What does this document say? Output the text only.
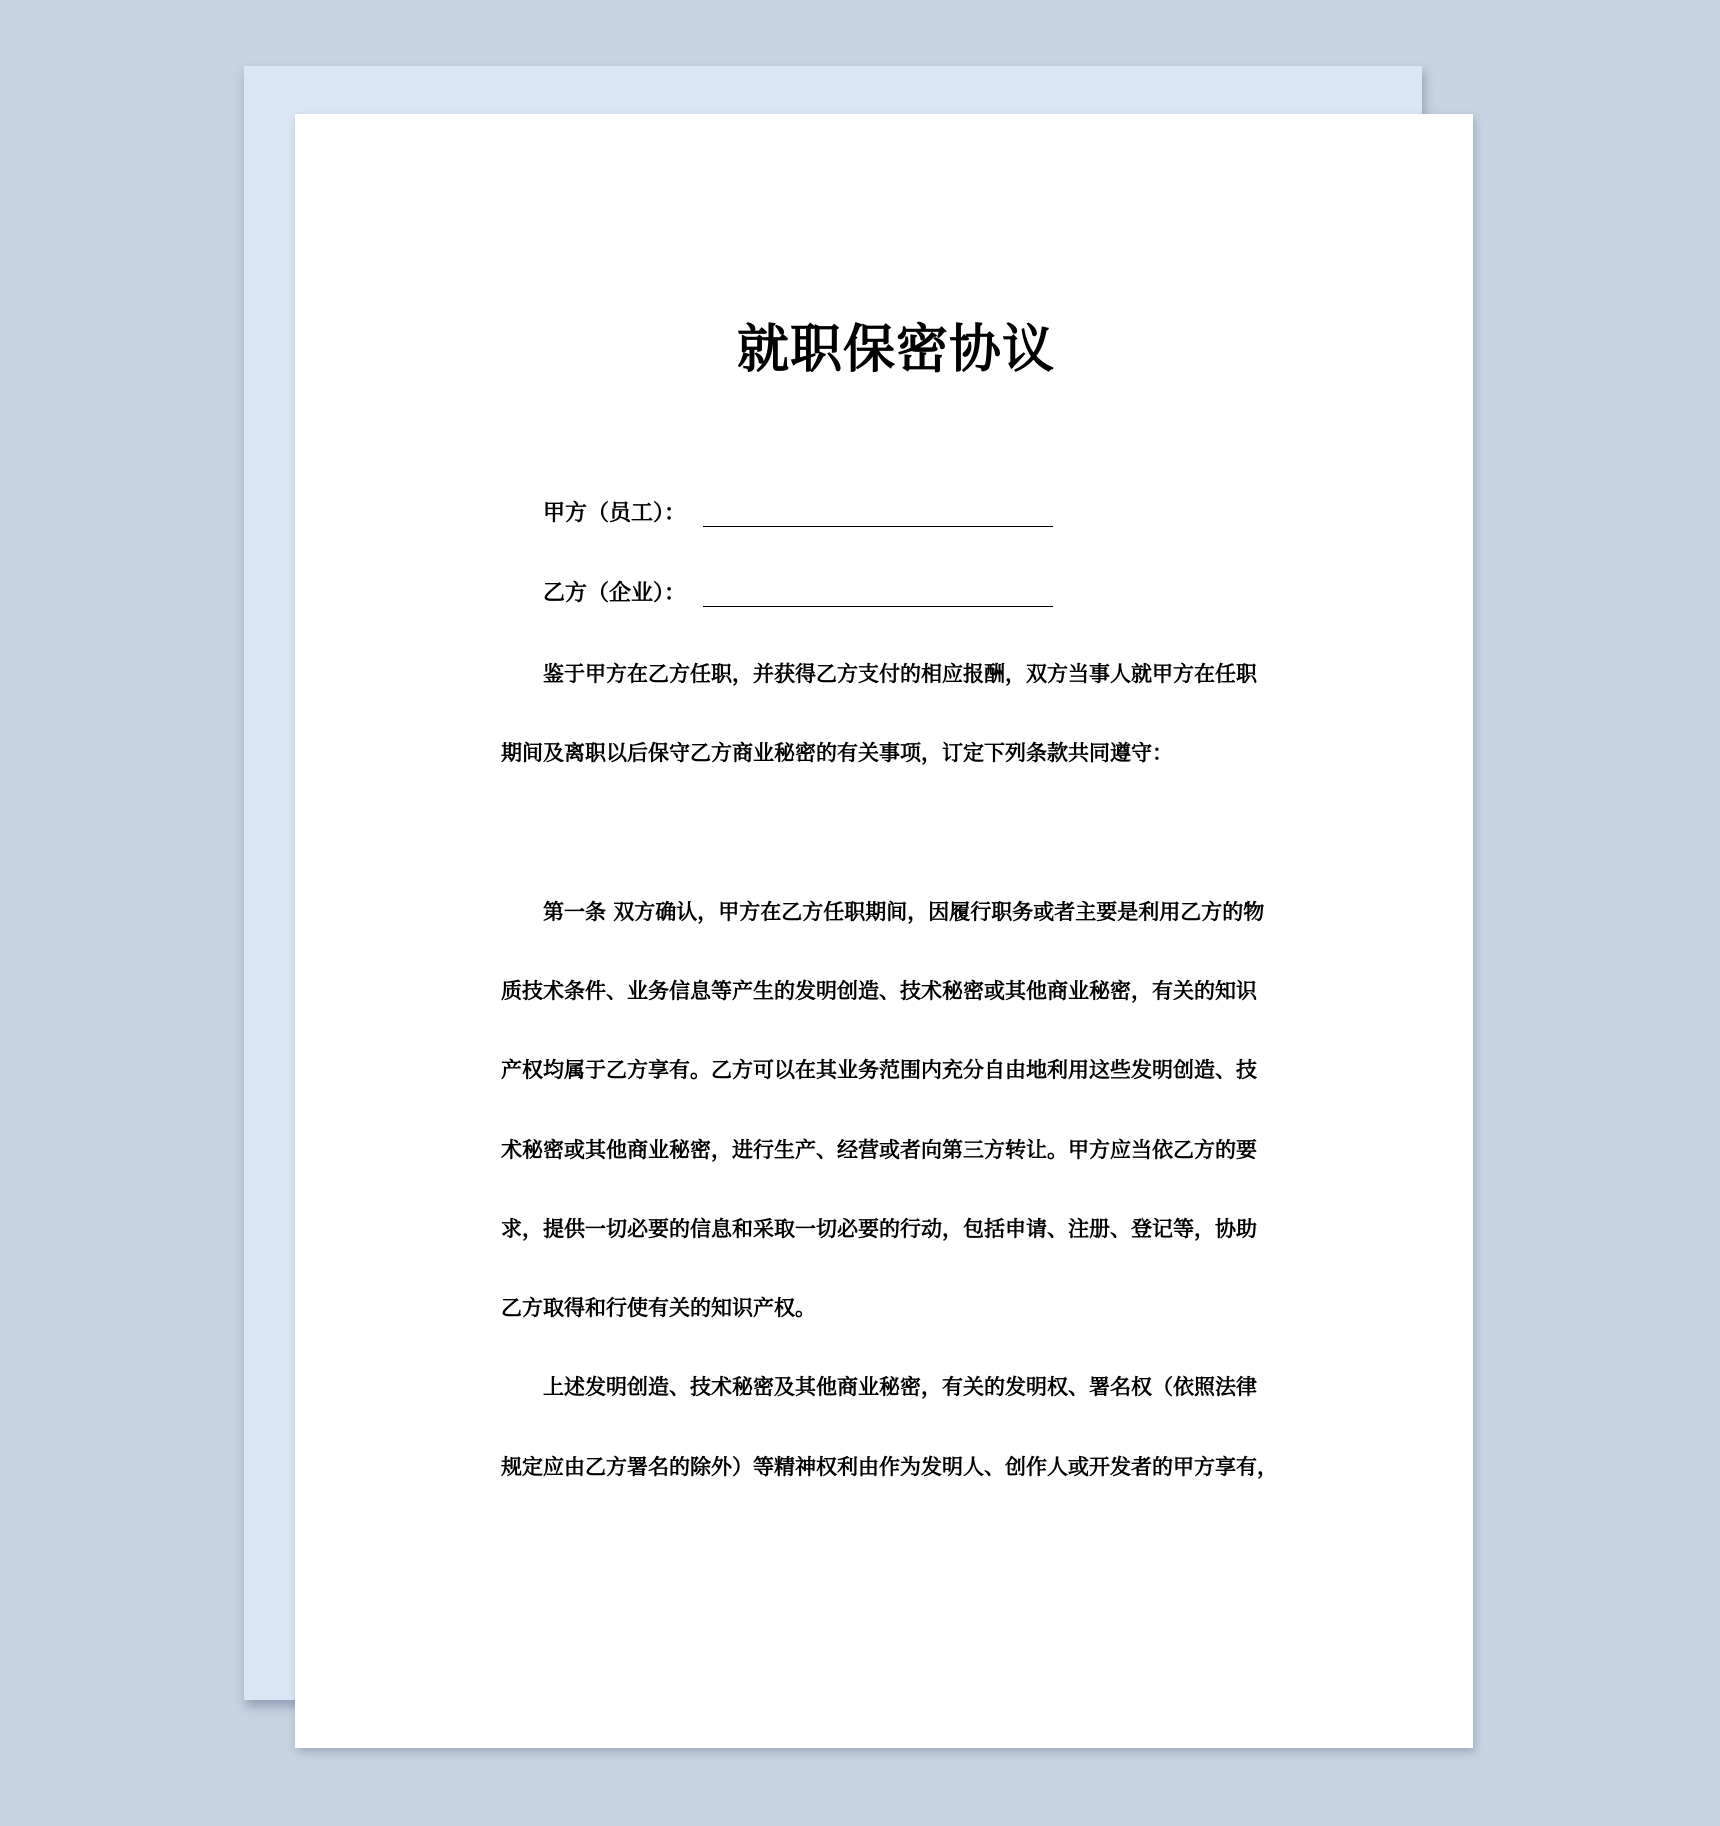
就职保密协议
甲方（员工）：
乙方（企业）：
鉴于甲方在乙方任职，并获得乙方支付的相应报酬，双方当事人就甲方在任职
期间及离职以后保守乙方商业秘密的有关事项，订定下列条款共同遵守：
第一条 双方确认，甲方在乙方任职期间，因履行职务或者主要是利用乙方的物
质技术条件、业务信息等产生的发明创造、技术秘密或其他商业秘密，有关的知识
产权均属于乙方享有。乙方可以在其业务范围内充分自由地利用这些发明创造、技
术秘密或其他商业秘密，进行生产、经营或者向第三方转让。甲方应当依乙方的要
求，提供一切必要的信息和采取一切必要的行动，包括申请、注册、登记等，协助
乙方取得和行使有关的知识产权。
上述发明创造、技术秘密及其他商业秘密，有关的发明权、署名权（依照法律
规定应由乙方署名的除外）等精神权利由作为发明人、创作人或开发者的甲方享有，
